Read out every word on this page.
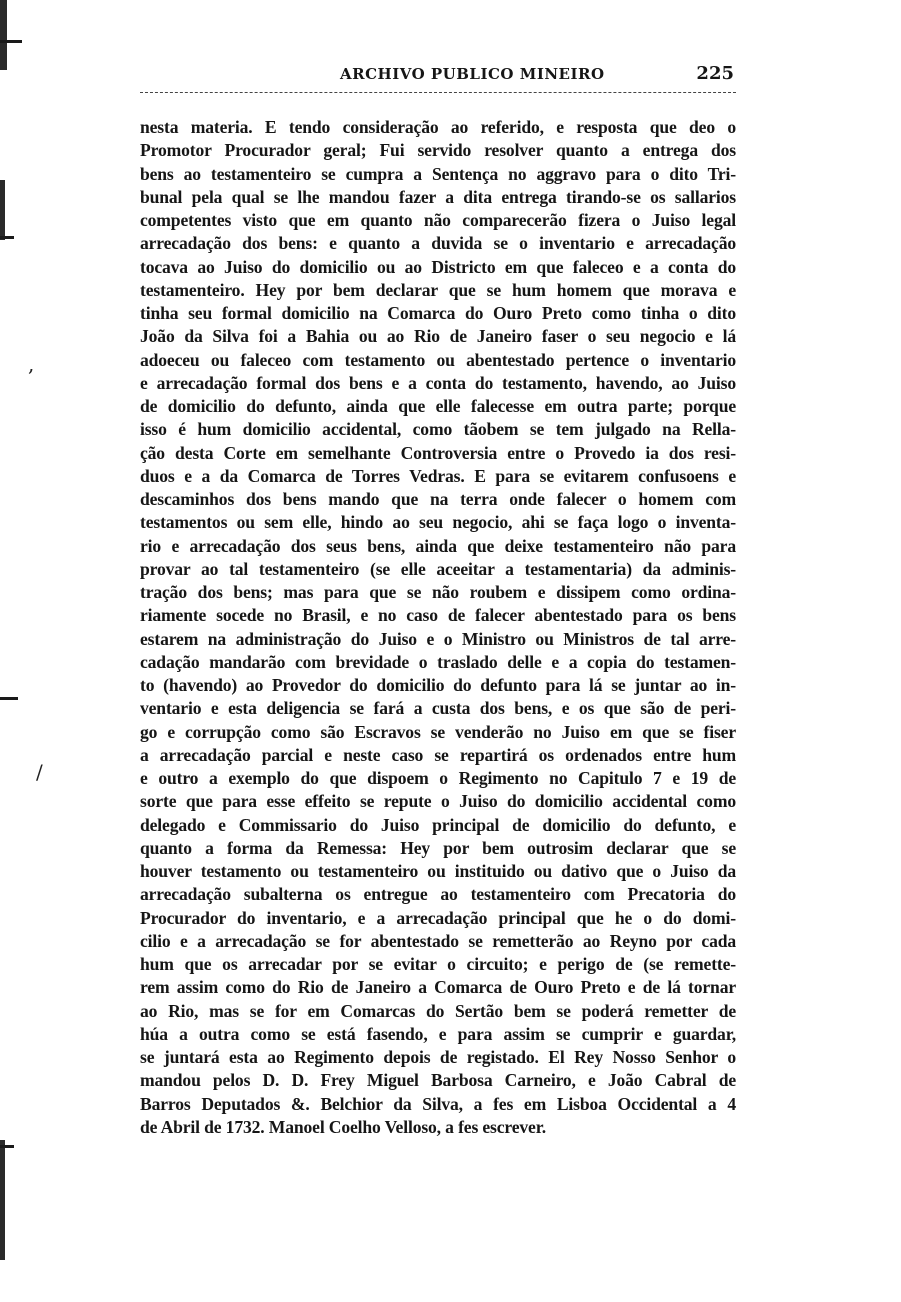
,
/
ARCHIVO PUBLICO MINEIRO	225
nesta materia. E tendo consideração ao referido, e resposta que deo o
Promotor Procurador geral; Fui servido resolver quanto a entrega dos
bens ao testamenteiro se cumpra a Sentença no aggravo para o dito Tri-
bunal pela qual se lhe mandou fazer a dita entrega tirando-se os sallarios
competentes visto que em quanto não comparecerão fizera o Juiso legal
arrecadação dos bens: e quanto a duvida se o inventario e arrecadação
tocava ao Juiso do domicilio ou ao Districto em que faleceo e a conta do
testamenteiro. Hey por bem declarar que se hum homem que morava e
tinha seu formal domicilio na Comarca do Ouro Preto como tinha o dito
João da Silva foi a Bahia ou ao Rio de Janeiro faser o seu negocio e lá
adoeceu ou faleceo com testamento ou abentestado pertence o inventario
e arrecadação formal dos bens e a conta do testamento, havendo, ao Juiso
de domicilio do defunto, ainda que elle falecesse em outra parte; porque
isso é hum domicilio accidental, como tãobem se tem julgado na Rella-
ção desta Corte em semelhante Controversia entre o Provedo ia dos resi-
duos e a da Comarca de Torres Vedras. E para se evitarem confusoens e
descaminhos dos bens mando que na terra onde falecer o homem com
testamentos ou sem elle, hindo ao seu negocio, ahi se faça logo o inventa-
rio e arrecadação dos seus bens, ainda que deixe testamenteiro não para
provar ao tal testamenteiro (se elle aceeitar a testamentaria) da adminis-
tração dos bens; mas para que se não roubem e dissipem como ordina-
riamente socede no Brasil, e no caso de falecer abentestado para os bens
estarem na administração do Juiso e o Ministro ou Ministros de tal arre-
cadação mandarão com brevidade o traslado delle e a copia do testamen-
to (havendo) ao Provedor do domicilio do defunto para lá se juntar ao in-
ventario e esta deligencia se fará a custa dos bens, e os que são de peri-
go e corrupção como são Escravos se venderão no Juiso em que se fiser
a arrecadação parcial e neste caso se repartirá os ordenados entre hum
e outro a exemplo do que dispoem o Regimento no Capitulo 7 e 19 de
sorte que para esse effeito se repute o Juiso do domicilio accidental como
delegado e Commissario do Juiso principal de domicilio do defunto, e
quanto a forma da Remessa: Hey por bem outrosim declarar que se
houver testamento ou testamenteiro ou instituido ou dativo que o Juiso da
arrecadação subalterna os entregue ao testamenteiro com Precatoria do
Procurador do inventario, e a arrecadação principal que he o do domi-
cilio e a arrecadação se for abentestado se remetterão ao Reyno por cada
hum que os arrecadar por se evitar o circuito; e perigo de (se remette-
rem assim como do Rio de Janeiro a Comarca de Ouro Preto e de lá tornar
ao Rio, mas se for em Comarcas do Sertão bem se poderá remetter de
húa a outra como se está fasendo, e para assim se cumprir e guardar,
se juntará esta ao Regimento depois de registado. El Rey Nosso Senhor o
mandou pelos D. D. Frey Miguel Barbosa Carneiro, e João Cabral de
Barros Deputados &. Belchior da Silva, a fes em Lisboa Occidental a 4
de Abril de 1732. Manoel Coelho Velloso, a fes escrever.
